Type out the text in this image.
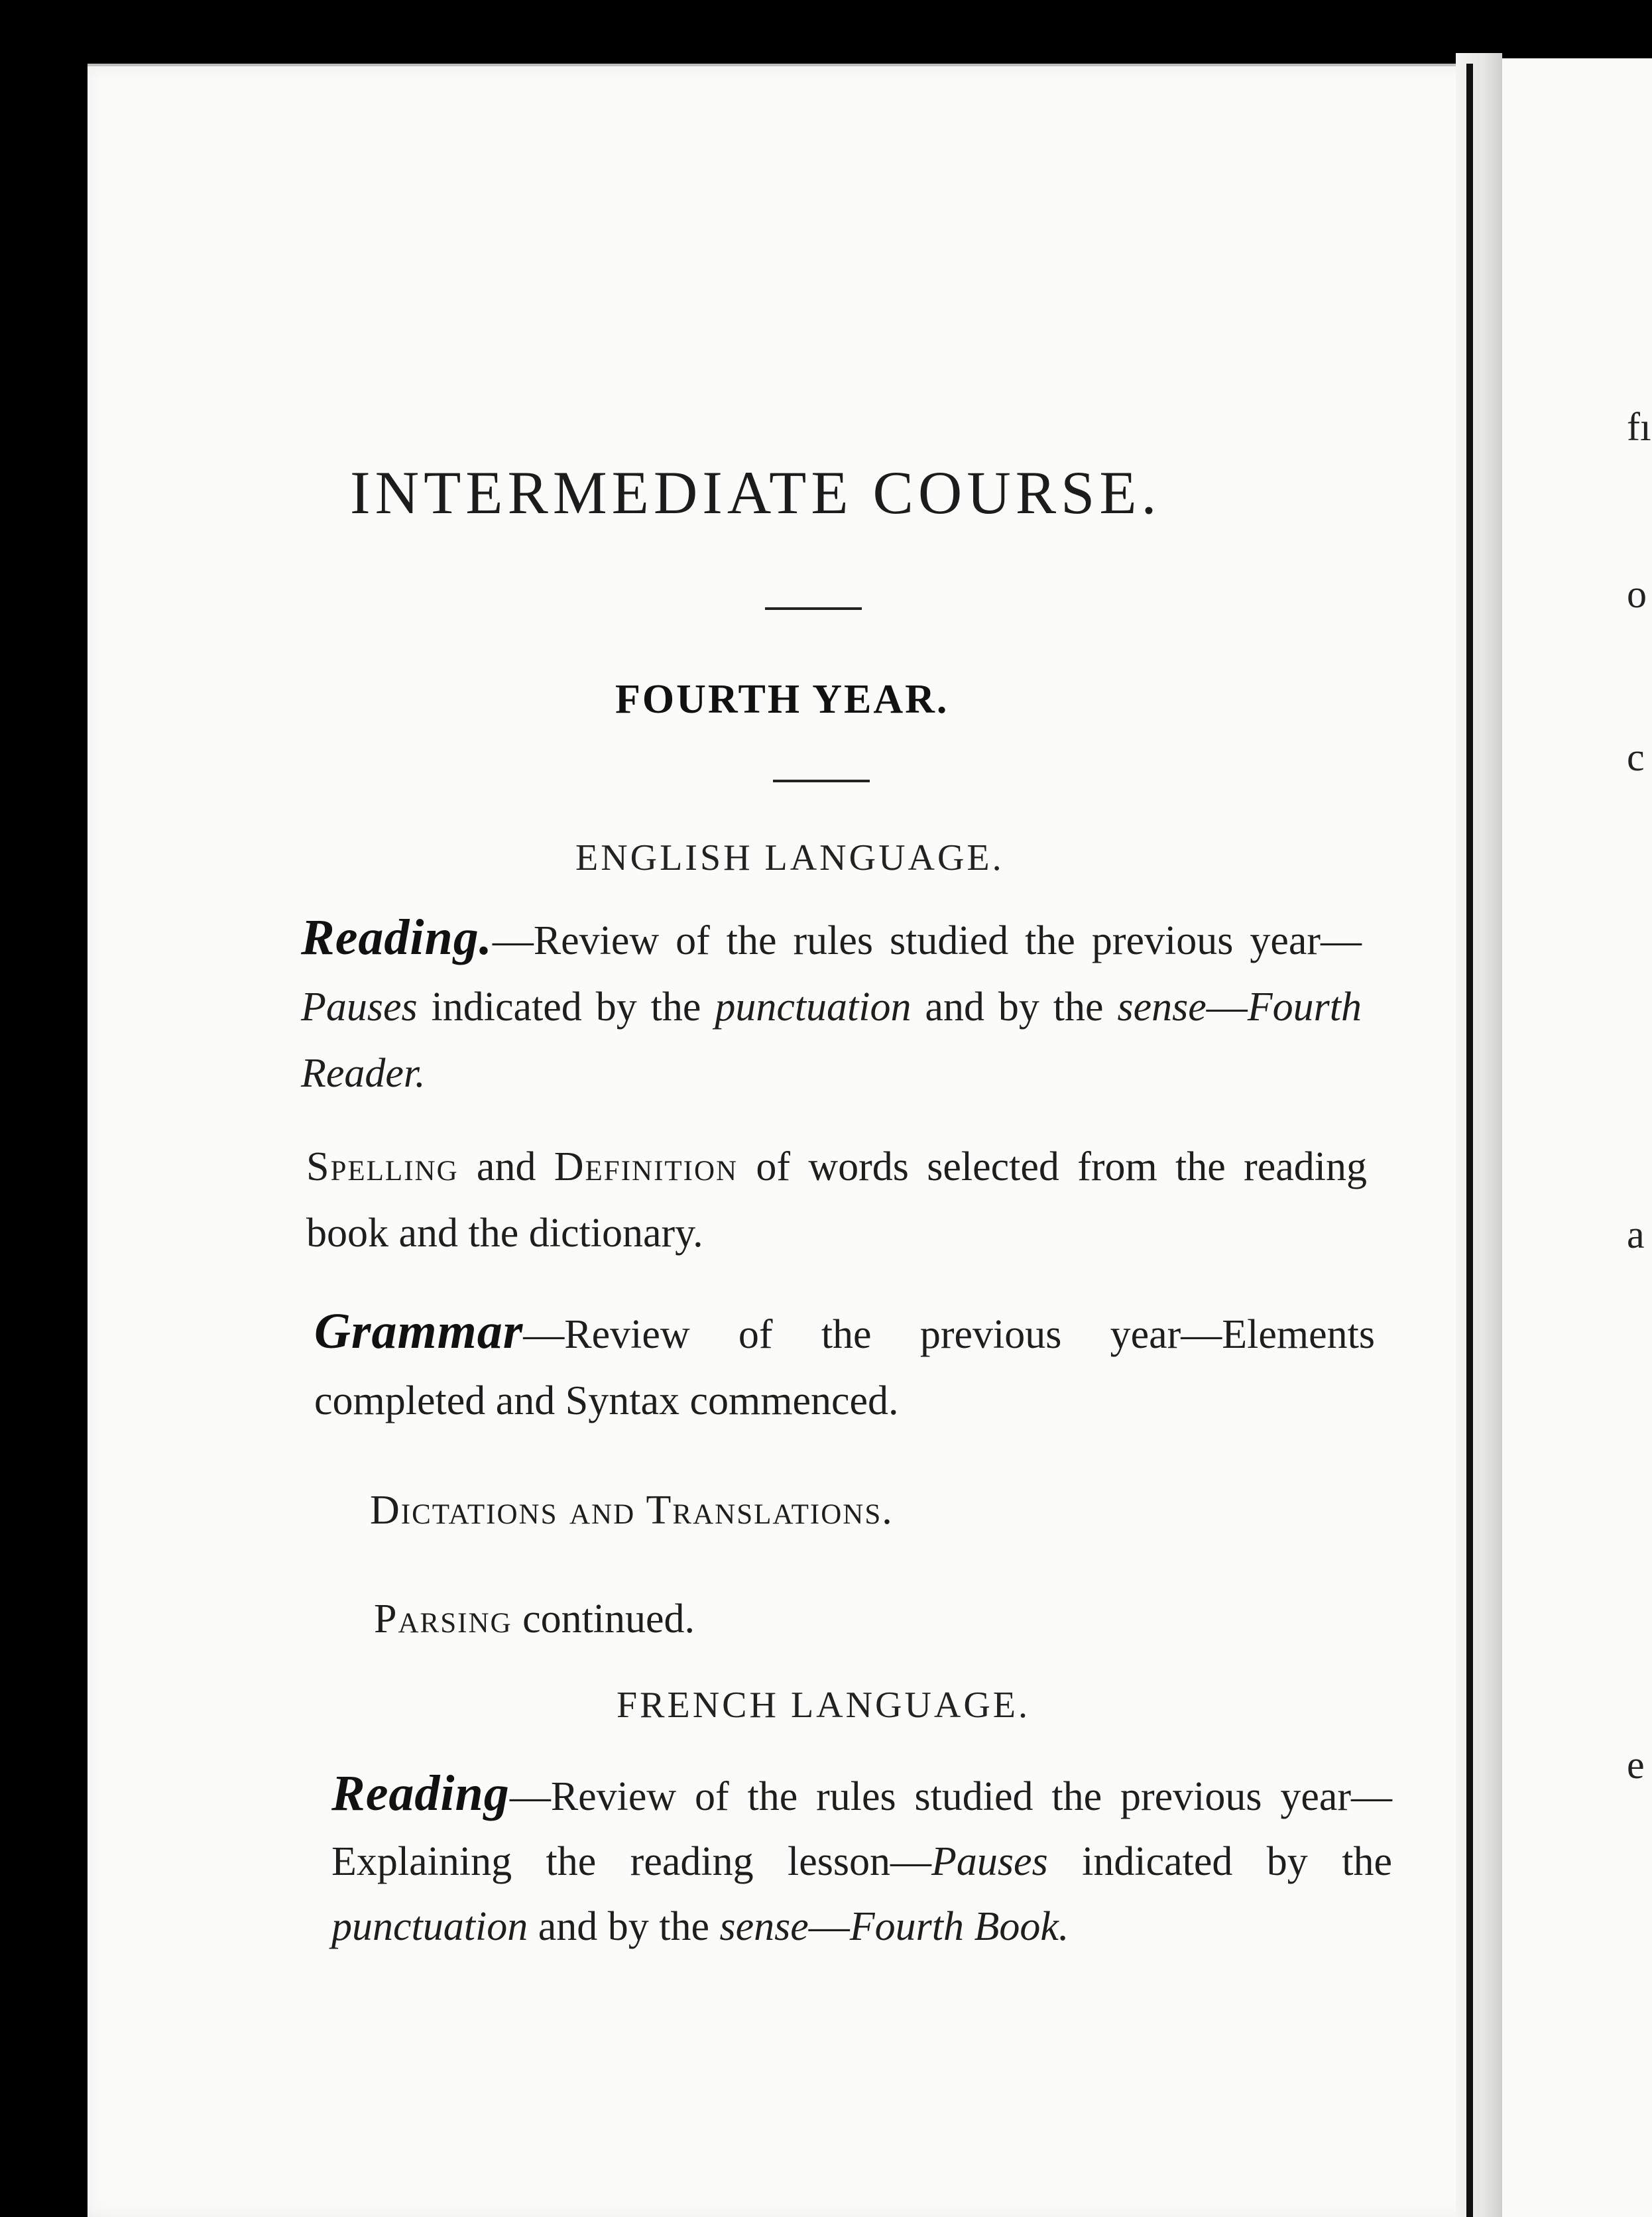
fı
o
c
a
e
INTERMEDIATE COURSE.
FOURTH YEAR.
ENGLISH LANGUAGE.
Reading.—Review of the rules studied the previous year—Pauses indicated by the punctuation and by the sense—Fourth Reader.
Spelling and Definition of words selected from the reading book and the dictionary.
Grammar—Review of the previous year—Elements completed and Syntax commenced.
Dictations and Translations.
Parsing continued.
FRENCH LANGUAGE.
Reading—Review of the rules studied the previous year—Explaining the reading lesson—Pauses indicated by the punctuation and by the sense—Fourth Book.
